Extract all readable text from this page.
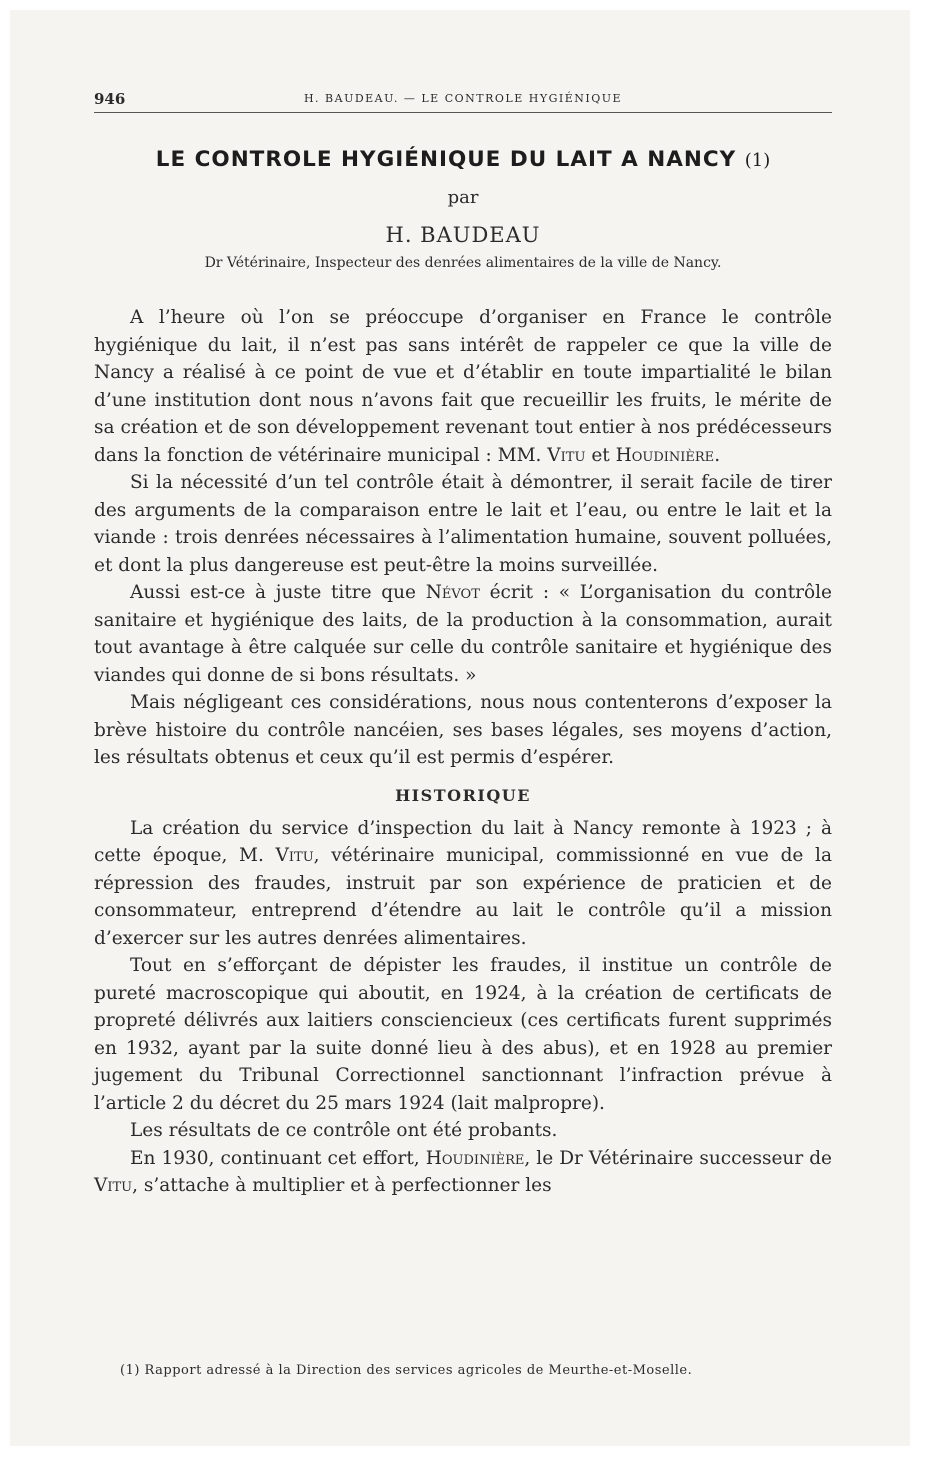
946	H. BAUDEAU. — LE CONTROLE HYGIÉNIQUE
LE CONTROLE HYGIÉNIQUE DU LAIT A NANCY (1)
par
H. BAUDEAU
Dr Vétérinaire, Inspecteur des denrées alimentaires de la ville de Nancy.

A l’heure où l’on se préoccupe d’organiser en France le contrôle hygiénique du lait, il n’est pas sans intérêt de rappeler ce que la ville de Nancy a réalisé à ce point de vue et d’établir en toute impartialité le bilan d’une institution dont nous n’avons fait que recueillir les fruits, le mérite de sa création et de son développement revenant tout entier à nos prédécesseurs dans la fonction de vétérinaire municipal : MM. Vitu et Houdinière.

Si la nécessité d’un tel contrôle était à démontrer, il serait facile de tirer des arguments de la comparaison entre le lait et l’eau, ou entre le lait et la viande : trois denrées nécessaires à l’alimentation humaine, souvent polluées, et dont la plus dangereuse est peut-être la moins surveillée.

Aussi est-ce à juste titre que Névot écrit : « L’organisation du contrôle sanitaire et hygiénique des laits, de la production à la consommation, aurait tout avantage à être calquée sur celle du contrôle sanitaire et hygiénique des viandes qui donne de si bons résultats. »

Mais négligeant ces considérations, nous nous contenterons d’exposer la brève histoire du contrôle nancéien, ses bases légales, ses moyens d’action, les résultats obtenus et ceux qu’il est permis d’espérer.

HISTORIQUE

La création du service d’inspection du lait à Nancy remonte à 1923 ; à cette époque, M. Vitu, vétérinaire municipal, commissionné en vue de la répression des fraudes, instruit par son expérience de praticien et de consommateur, entreprend d’étendre au lait le contrôle qu’il a mission d’exercer sur les autres denrées alimentaires.

Tout en s’efforçant de dépister les fraudes, il institue un contrôle de pureté macroscopique qui aboutit, en 1924, à la création de certificats de propreté délivrés aux laitiers consciencieux (ces certificats furent supprimés en 1932, ayant par la suite donné lieu à des abus), et en 1928 au premier jugement du Tribunal Correctionnel sanctionnant l’infraction prévue à l’article 2 du décret du 25 mars 1924 (lait malpropre).

Les résultats de ce contrôle ont été probants.

En 1930, continuant cet effort, Houdinière, le Dr Vétérinaire successeur de Vitu, s’attache à multiplier et à perfectionner les

(1) Rapport adressé à la Direction des services agricoles de Meurthe-et-Moselle.
